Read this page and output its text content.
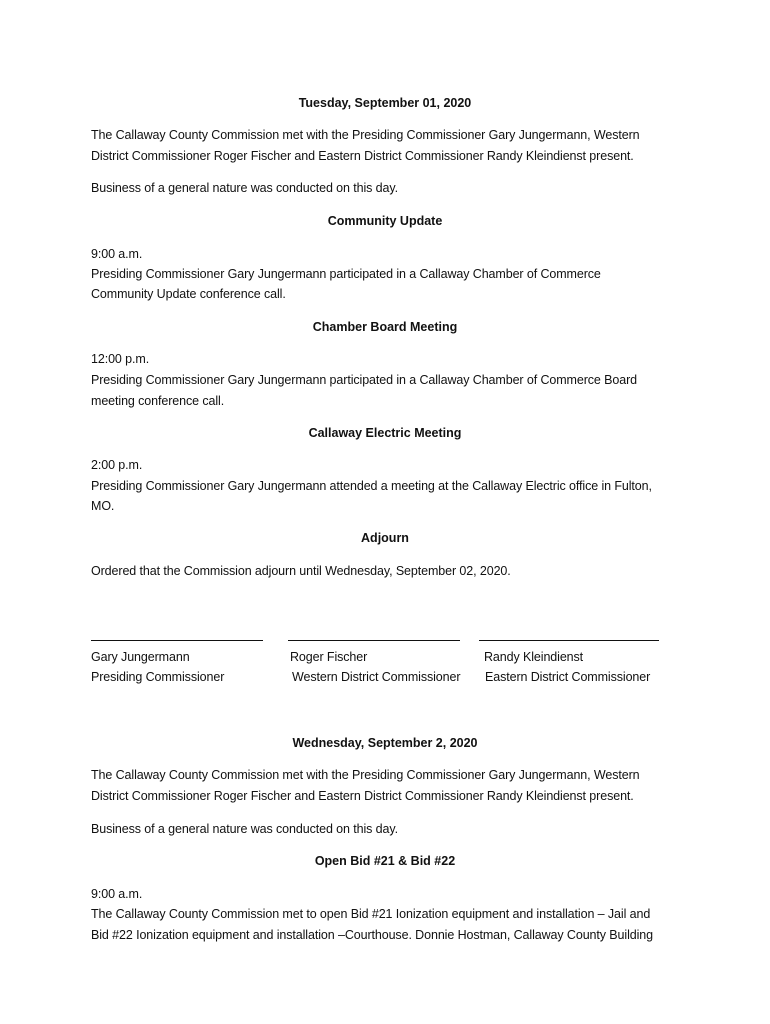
Tuesday, September 01, 2020
The Callaway County Commission met with the Presiding Commissioner Gary Jungermann, Western
District Commissioner Roger Fischer and Eastern District Commissioner Randy Kleindienst present.
Business of a general nature was conducted on this day.
Community Update
9:00 a.m.
Presiding Commissioner Gary Jungermann participated in a Callaway Chamber of Commerce
Community Update conference call.
Chamber Board Meeting
12:00 p.m.
Presiding Commissioner Gary Jungermann participated in a Callaway Chamber of Commerce Board
meeting conference call.
Callaway Electric Meeting
2:00 p.m.
Presiding Commissioner Gary Jungermann attended a meeting at the Callaway Electric office in Fulton,
MO.
Adjourn
Ordered that the Commission adjourn until Wednesday, September 02, 2020.
Gary Jungermann
Presiding Commissioner
Roger Fischer
Western District Commissioner
Randy Kleindienst
Eastern District Commissioner
Wednesday, September 2, 2020
The Callaway County Commission met with the Presiding Commissioner Gary Jungermann, Western
District Commissioner Roger Fischer and Eastern District Commissioner Randy Kleindienst present.
Business of a general nature was conducted on this day.
Open Bid #21 & Bid #22
9:00 a.m.
The Callaway County Commission met to open Bid #21 Ionization equipment and installation – Jail and
Bid #22 Ionization equipment and installation –Courthouse. Donnie Hostman, Callaway County Building
